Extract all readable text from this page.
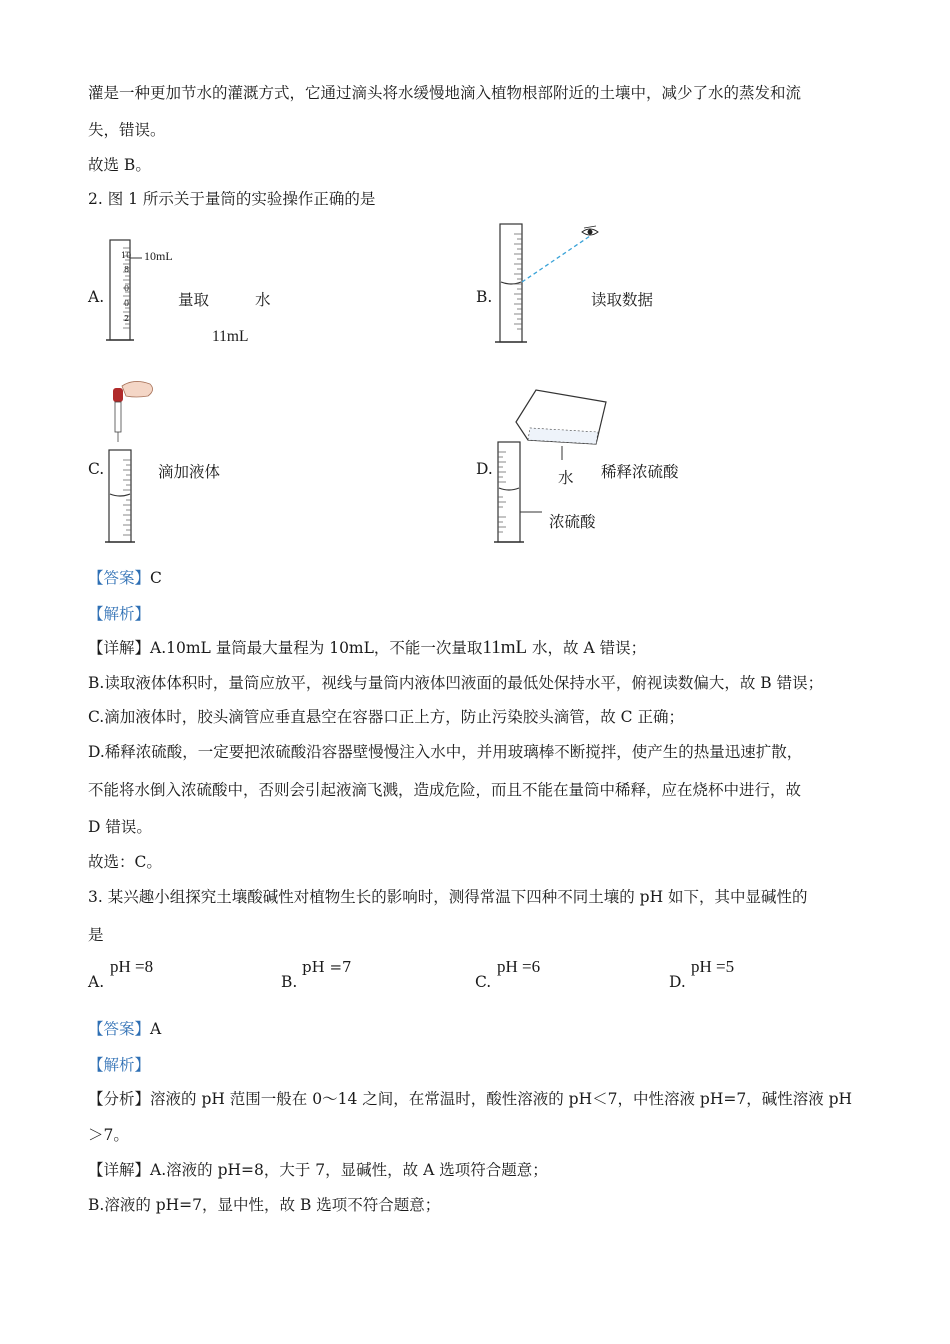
灌是一种更加节水的灌溉方式，它通过滴头将水缓慢地滴入植物根部附近的土壤中，减少了水的蒸发和流
失，错误。
故选 B。
2. 图 1 所示关于量筒的实验操作正确的是
A.
10
8
0
0
2
10mL
量取	水
11mL
B.	读取数据
C.	滴加液体	D.	水 稀释浓硫酸
浓硫酸
【答案】C
【解析】
【详解】A.10mL 量筒最大量程为 10mL，不能一次量取11mL 水，故 A 错误；
B.读取液体体积时，量筒应放平，视线与量筒内液体凹液面的最低处保持水平，俯视读数偏大，故 B 错误；
C.滴加液体时，胶头滴管应垂直悬空在容器口正上方，防止污染胶头滴管，故 C 正确；
D.稀释浓硫酸，一定要把浓硫酸沿容器壁慢慢注入水中，并用玻璃棒不断搅拌，使产生的热量迅速扩散，
不能将水倒入浓硫酸中，否则会引起液滴飞溅，造成危险，而且不能在量筒中稀释，应在烧杯中进行，故
D 错误。
故选：C。
3. 某兴趣小组探究土壤酸碱性对植物生长的影响时，测得常温下四种不同土壤的 pH 如下，其中显碱性的
是
A.
pH =8
B.
pH =7
C.
pH =6
D.
pH =5
【答案】A
【解析】
【分析】溶液的 pH 范围一般在 0～14 之间，在常温时，酸性溶液的 pH＜7，中性溶液 pH=7，碱性溶液 pH
＞7。
【详解】A.溶液的 pH=8，大于 7，显碱性，故 A 选项符合题意；
B.溶液的 pH=7，显中性，故 B 选项不符合题意；
